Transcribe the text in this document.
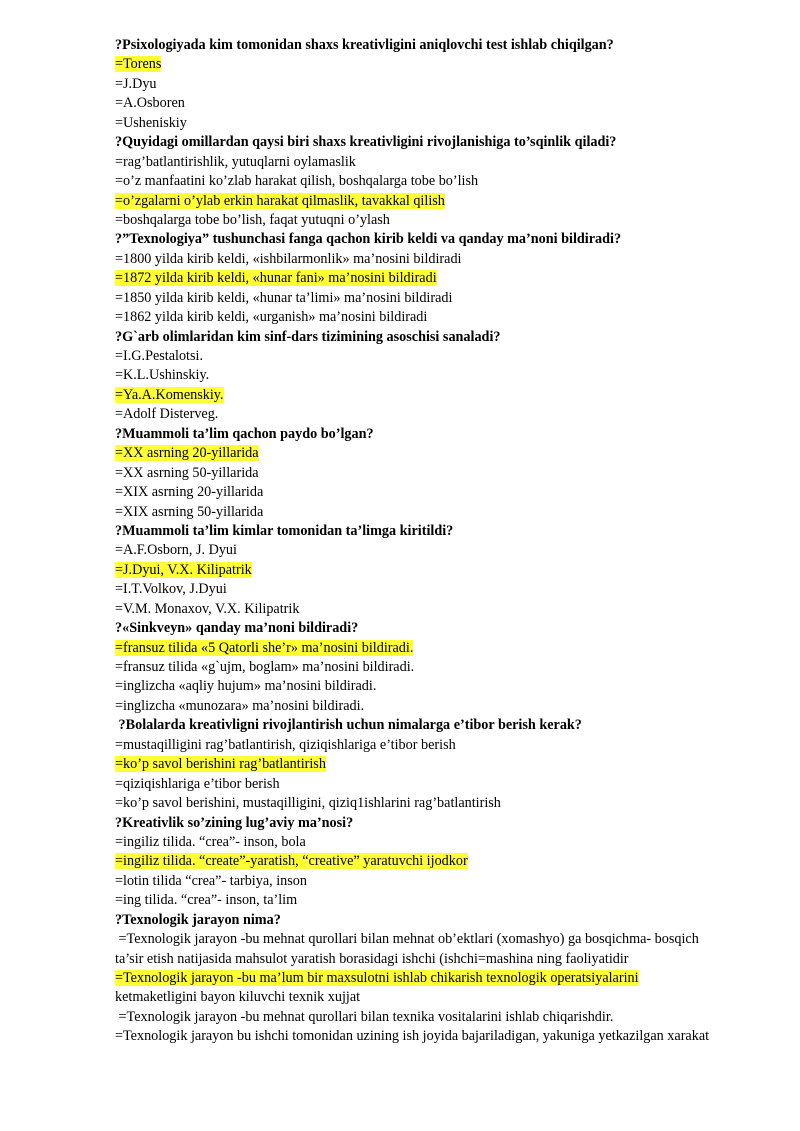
?Psixologiyada kim tomonidan shaxs kreativligini aniqlovchi test ishlab chiqilgan?
=Torens
=J.Dyu
=A.Osboren
=Usheniskiy
?Quyidagi omillardan qaysi biri shaxs kreativligini rivojlanishiga to’sqinlik qiladi?
=rag’batlantirishlik, yutuqlarni oylamaslik
=o’z manfaatini ko’zlab harakat qilish, boshqalarga tobe bo’lish
=o’zgalarni o’ylab erkin harakat qilmaslik, tavakkal qilish
=boshqalarga tobe bo’lish, faqat yutuqni o’ylash
?”Texnologiya” tushunchasi fanga qachon kirib keldi va qanday ma’noni bildiradi?
=1800 yilda kirib keldi, «ishbilarmonlik» ma’nosini bildiradi
=1872 yilda kirib keldi, «hunar fani» ma’nosini bildiradi
=1850 yilda kirib keldi, «hunar ta’limi» ma’nosini bildiradi
=1862 yilda kirib keldi, «urganish» ma’nosini bildiradi
?G`arb olimlaridan kim sinf-dars tizimining asoschisi sanaladi?
=I.G.Pestalotsi.
=K.L.Ushinskiy.
=Ya.A.Komenskiy.
=Adolf Disterveg.
?Muammoli ta’lim qachon paydo bo’lgan?
=XX asrning 20-yillarida
=XX asrning 50-yillarida
=XIX asrning 20-yillarida
=XIX asrning 50-yillarida
?Muammoli ta’lim kimlar tomonidan ta’limga kiritildi?
=A.F.Osborn, J. Dyui
=J.Dyui, V.X. Kilipatrik
=I.T.Volkov, J.Dyui
=V.M. Monaxov, V.X. Kilipatrik
?«Sinkveyn» qanday ma’noni bildiradi?
=fransuz tilida «5 Qatorli she’r» ma’nosini bildiradi.
=fransuz tilida «g`ujm, boglam» ma’nosini bildiradi.
=inglizcha «aqliy hujum» ma’nosini bildiradi.
=inglizcha «munozara» ma’nosini bildiradi.
?Bolalarda kreativligni rivojlantirish uchun nimalarga e’tibor berish kerak?
=mustaqilligini rag’batlantirish, qiziqishlariga e’tibor berish
=ko’p savol berishini rag’batlantirish
=qiziqishlariga e’tibor berish
=ko’p savol berishini, mustaqilligini, qiziq1ishlarini rag’batlantirish
?Kreativlik so’zining lug’aviy ma’nosi?
=ingiliz tilida. “crea”- inson, bola
=ingiliz tilida. “create”-yaratish, “creative” yaratuvchi ijodkor
=lotin tilida “crea”- tarbiya, inson
=ing tilida. “crea”- inson, ta’lim
?Texnologik jarayon nima?
=Texnologik jarayon -bu mehnat qurollari bilan mehnat ob’ektlari (xomashyo) ga bosqichma- bosqich
ta’sir etish natijasida mahsulot yaratish borasidagi ishchi (ishchi=mashina ning faoliyatidir
=Texnologik jarayon -bu ma’lum bir maxsulotni ishlab chikarish texnologik operatsiyalarini
ketmaketligini bayon kiluvchi texnik xujjat
=Texnologik jarayon -bu mehnat qurollari bilan texnika vositalarini ishlab chiqarishdir.
=Texnologik jarayon bu ishchi tomonidan uzining ish joyida bajariladigan, yakuniga yetkazilgan xarakat
